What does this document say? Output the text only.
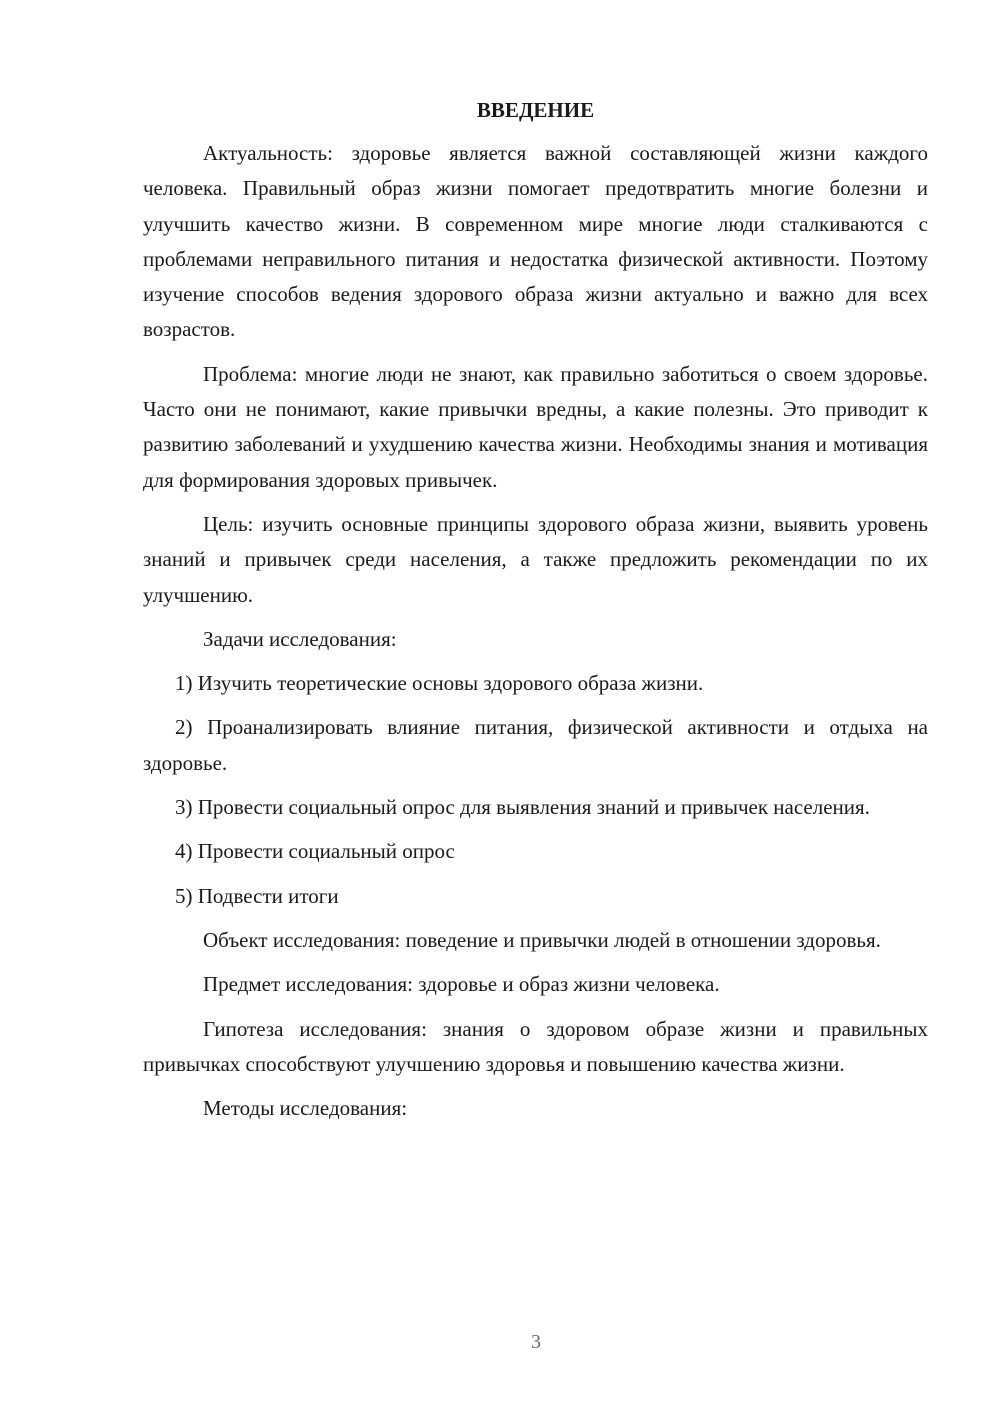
ВВЕДЕНИЕ

Актуальность: здоровье является важной составляющей жизни каждого человека. Правильный образ жизни помогает предотвратить многие болезни и улучшить качество жизни. В современном мире многие люди сталкиваются с проблемами неправильного питания и недостатка физической активности. Поэтому изучение способов ведения здорового образа жизни актуально и важно для всех возрастов.

Проблема: многие люди не знают, как правильно заботиться о своем здоровье. Часто они не понимают, какие привычки вредны, а какие полезны. Это приводит к развитию заболеваний и ухудшению качества жизни. Необходимы знания и мотивация для формирования здоровых привычек.

Цель: изучить основные принципы здорового образа жизни, выявить уровень знаний и привычек среди населения, а также предложить рекомендации по их улучшению.

Задачи исследования:

1) Изучить теоретические основы здорового образа жизни.

2) Проанализировать влияние питания, физической активности и отдыха на здоровье.

3) Провести социальный опрос для выявления знаний и привычек населения.

4) Провести социальный опрос

5) Подвести итоги

Объект исследования: поведение и привычки людей в отношении здоровья.

Предмет исследования: здоровье и образ жизни человека.

Гипотеза исследования: знания о здоровом образе жизни и правильных привычках способствуют улучшению здоровья и повышению качества жизни.

Методы исследования:

3
